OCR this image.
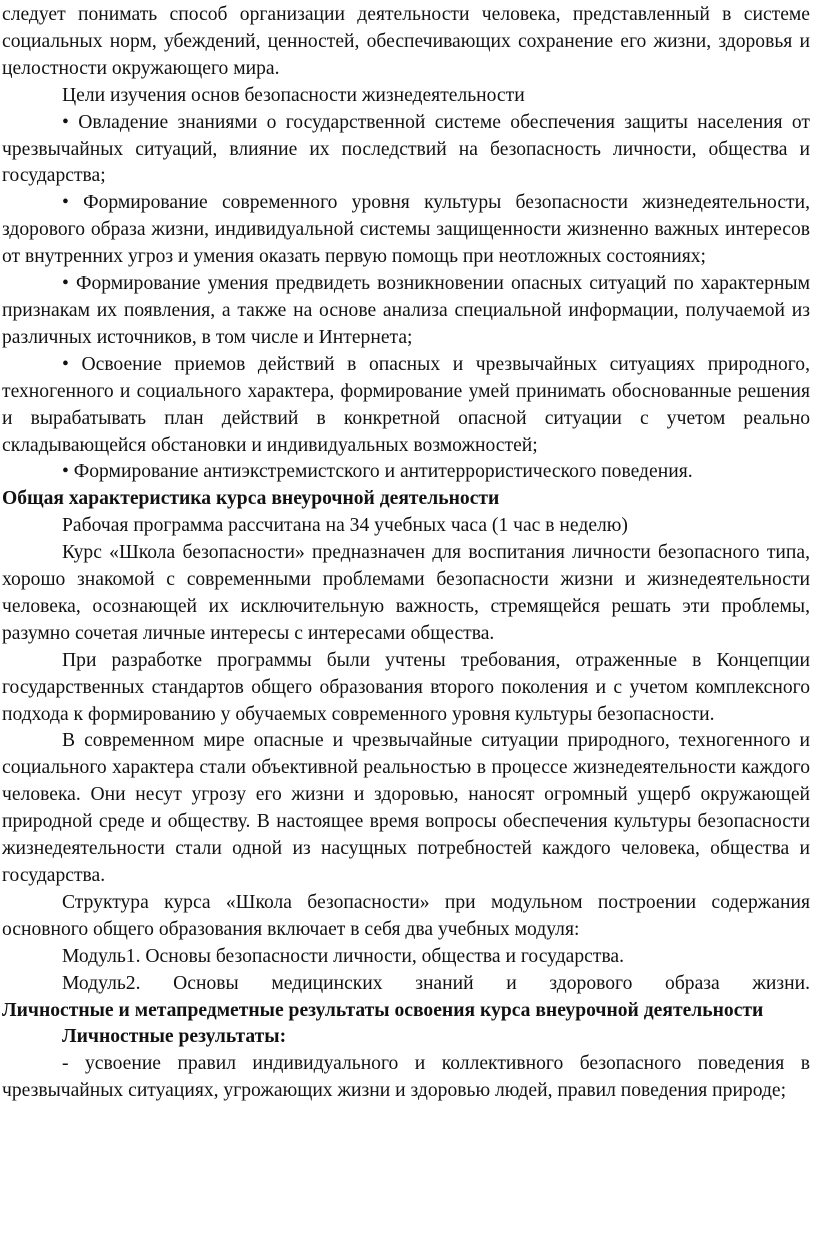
следует понимать способ организации деятельности человека, представленный в системе социальных норм, убеждений, ценностей, обеспечивающих сохранение его жизни, здоровья и целостности окружающего мира.

Цели изучения основ безопасности жизнедеятельности

• Овладение знаниями о государственной системе обеспечения защиты населения от чрезвычайных ситуаций, влияние их последствий на безопасность личности, общества и государства;

• Формирование современного уровня культуры безопасности жизнедеятельности, здорового образа жизни, индивидуальной системы защищенности жизненно важных интересов от внутренних угроз и умения оказать первую помощь при неотложных состояниях;

• Формирование умения предвидеть возникновении опасных ситуаций по характерным признакам их появления, а также на основе анализа специальной информации, получаемой из различных источников, в том числе и Интернета;

• Освоение приемов действий в опасных и чрезвычайных ситуациях природного, техногенного и социального характера, формирование умей принимать обоснованные решения и вырабатывать план действий в конкретной опасной ситуации с учетом реально складывающейся обстановки и индивидуальных возможностей;

• Формирование антиэкстремистского и антитеррористического поведения.

Общая характеристика курса внеурочной деятельности

Рабочая программа рассчитана на 34 учебных часа (1 час в неделю)

Курс «Школа безопасности» предназначен для воспитания личности безопасного типа, хорошо знакомой с современными проблемами безопасности жизни и жизнедеятельности человека, осознающей их исключительную важность, стремящейся решать эти проблемы, разумно сочетая личные интересы с интересами общества.

При разработке программы были учтены требования, отраженные в Концепции государственных стандартов общего образования второго поколения и с учетом комплексного подхода к формированию у обучаемых современного уровня культуры безопасности.

В современном мире опасные и чрезвычайные ситуации природного, техногенного и социального характера стали объективной реальностью в процессе жизнедеятельности каждого человека. Они несут угрозу его жизни и здоровью, наносят огромный ущерб окружающей природной среде и обществу. В настоящее время вопросы обеспечения культуры безопасности жизнедеятельности стали одной из насущных потребностей каждого человека, общества и государства.

Структура курса «Школа безопасности» при модульном построении содержания основного общего образования включает в себя два учебных модуля:

Модуль1. Основы безопасности личности, общества и государства.

Модуль2. Основы медицинских знаний и здорового образа жизни.

Личностные и метапредметные результаты освоения курса внеурочной деятельности

Личностные результаты:

- усвоение правил индивидуального и коллективного безопасного поведения в чрезвычайных ситуациях, угрожающих жизни и здоровью людей, правил поведения природе;
